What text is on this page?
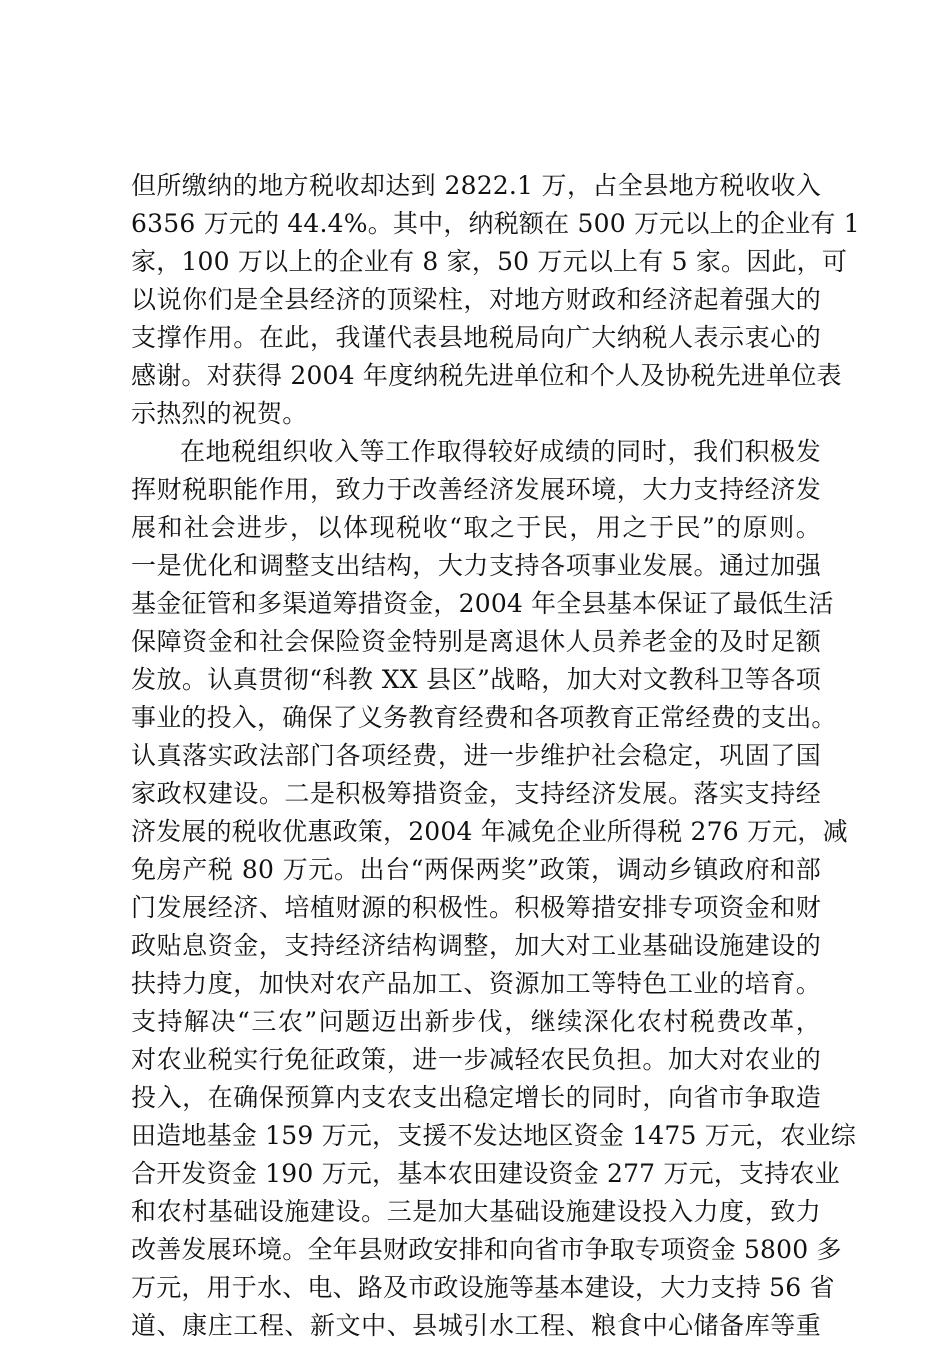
但所缴纳的地方税收却达到 2822.1 万，占全县地方税收收入
6356 万元的 44.4%。其中，纳税额在 500 万元以上的企业有 1
家，100 万以上的企业有 8 家，50 万元以上有 5 家。因此，可
以说你们是全县经济的顶梁柱，对地方财政和经济起着强大的
支撑作用。在此，我谨代表县地税局向广大纳税人表示衷心的
感谢。对获得 2004 年度纳税先进单位和个人及协税先进单位表
示热烈的祝贺。
在地税组织收入等工作取得较好成绩的同时，我们积极发
挥财税职能作用，致力于改善经济发展环境，大力支持经济发
展和社会进步，以体现税收“取之于民，用之于民”的原则。
一是优化和调整支出结构，大力支持各项事业发展。通过加强
基金征管和多渠道筹措资金，2004 年全县基本保证了最低生活
保障资金和社会保险资金特别是离退休人员养老金的及时足额
发放。认真贯彻“科教 XX 县区”战略，加大对文教科卫等各项
事业的投入，确保了义务教育经费和各项教育正常经费的支出。
认真落实政法部门各项经费，进一步维护社会稳定，巩固了国
家政权建设。二是积极筹措资金，支持经济发展。落实支持经
济发展的税收优惠政策，2004 年减免企业所得税 276 万元，减
免房产税 80 万元。出台“两保两奖”政策，调动乡镇政府和部
门发展经济、培植财源的积极性。积极筹措安排专项资金和财
政贴息资金，支持经济结构调整，加大对工业基础设施建设的
扶持力度，加快对农产品加工、资源加工等特色工业的培育。
支持解决“三农”问题迈出新步伐，继续深化农村税费改革，
对农业税实行免征政策，进一步减轻农民负担。加大对农业的
投入，在确保预算内支农支出稳定增长的同时，向省市争取造
田造地基金 159 万元，支援不发达地区资金 1475 万元，农业综
合开发资金 190 万元，基本农田建设资金 277 万元，支持农业
和农村基础设施建设。三是加大基础设施建设投入力度，致力
改善发展环境。全年县财政安排和向省市争取专项资金 5800 多
万元，用于水、电、路及市政设施等基本建设，大力支持 56 省
道、康庄工程、新文中、县城引水工程、粮食中心储备库等重
